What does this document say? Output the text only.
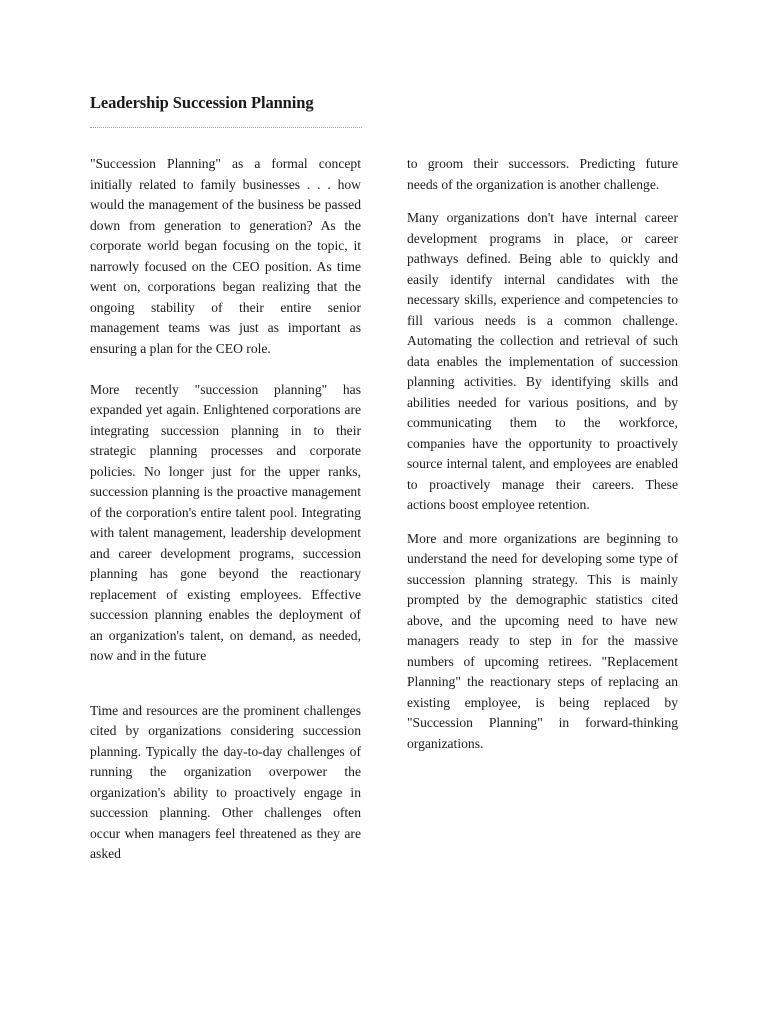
Leadership Succession Planning

"Succession Planning" as a formal concept initially related to family businesses . . . how would the management of the business be passed down from generation to generation? As the corporate world began focusing on the topic, it narrowly focused on the CEO position. As time went on, corporations began realizing that the ongoing stability of their entire senior management teams was just as important as ensuring a plan for the CEO role.

More recently "succession planning" has expanded yet again. Enlightened corporations are integrating succession planning in to their strategic planning processes and corporate policies. No longer just for the upper ranks, succession planning is the proactive management of the corporation's entire talent pool. Integrating with talent management, leadership development and career development programs, succession planning has gone beyond the reactionary replacement of existing employees. Effective succession planning enables the deployment of an organization's talent, on demand, as needed, now and in the future

Time and resources are the prominent challenges cited by organizations considering succession planning. Typically the day-to-day challenges of running the organization overpower the organization's ability to proactively engage in succession planning. Other challenges often occur when managers feel threatened as they are asked

to groom their successors. Predicting future needs of the organization is another challenge.

Many organizations don't have internal career development programs in place, or career pathways defined. Being able to quickly and easily identify internal candidates with the necessary skills, experience and competencies to fill various needs is a common challenge. Automating the collection and retrieval of such data enables the implementation of succession planning activities. By identifying skills and abilities needed for various positions, and by communicating them to the workforce, companies have the opportunity to proactively source internal talent, and employees are enabled to proactively manage their careers. These actions boost employee retention.

More and more organizations are beginning to understand the need for developing some type of succession planning strategy. This is mainly prompted by the demographic statistics cited above, and the upcoming need to have new managers ready to step in for the massive numbers of upcoming retirees. "Replacement Planning" the reactionary steps of replacing an existing employee, is being replaced by "Succession Planning" in forward-thinking organizations.
